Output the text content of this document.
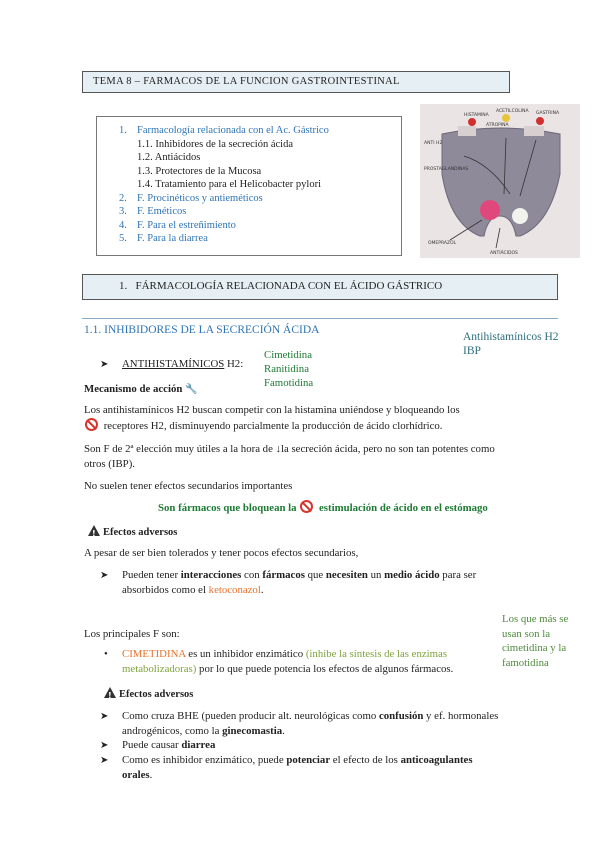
TEMA 8 – FARMACOS DE LA FUNCION GASTROINTESTINAL
1. Farmacología relacionada con el Ac. Gástrico
1.1. Inhibidores de la secreción ácida
1.2. Antiácidos
1.3. Protectores de la Mucosa
1.4. Tratamiento para el Helicobacter pylori
2. F. Procinéticos y antieméticos
3. F. Eméticos
4. F. Para el estreñimiento
5. F. Para la diarrea
HISTAMINA
ACETILCOLINA
ATROPINA
GASTRINA
ANTI H2
PROSTAGLANDINAS
OMEPRAZOL
ANTIÁCIDOS
1. FÁRMACOLOGÍA RELACIONADA CON EL ÁCIDO GÁSTRICO
1.1. INHIBIDORES DE LA SECRECIÓN ÁCIDA
Antihistamínicos H2
IBP
➤ ANTIHISTAMÍNICOS H2:
Cimetidina
Ranitidina
Famotidina
Mecanismo de acción 🔧
Los antihistamínicos H2 buscan competir con la histamina uniéndose y bloqueando los
receptores H2, disminuyendo parcialmente la producción de ácido clorhídrico.
Son F de 2ª elección muy útiles a la hora de ↓la secreción ácida, pero no son tan potentes como
otros (IBP).
No suelen tener efectos secundarios importantes
Son fármacos que bloquean la  estimulación de ácido en el estómago
!Efectos adversos
A pesar de ser bien tolerados y tener pocos efectos secundarios,
➤ Pueden tener interacciones con fármacos que necesiten un medio ácido para ser
absorbidos como el ketoconazol.
Los que más se
usan son la
cimetidina y la
famotidina
Los principales F son:
• CIMETIDINA es un inhibidor enzimático (inhibe la síntesis de las enzimas
metabolizadoras) por lo que puede potencia los efectos de algunos fármacos.
!Efectos adversos
➤ Como cruza BHE (pueden producir alt. neurológicas como confusión y ef. hormonales
androgénicos, como la ginecomastia.
➤ Puede causar diarrea
➤ Como es inhibidor enzimático, puede potenciar el efecto de los anticoagulantes
orales.
